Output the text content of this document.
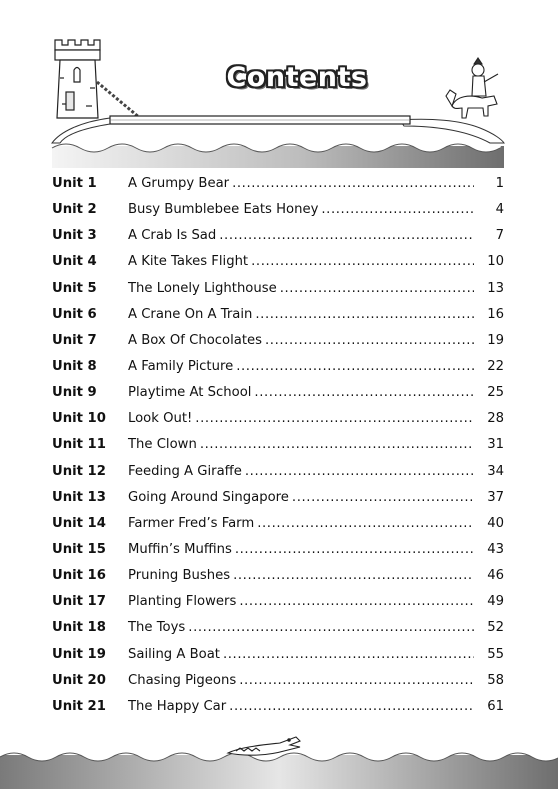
Contents
Unit 1	A Grumpy Bear .....	1
Unit 2	Busy Bumblebee Eats Honey .....	4
Unit 3	A Crab Is Sad .....	7
Unit 4	A Kite Takes Flight .....	10
Unit 5	The Lonely Lighthouse .....	13
Unit 6	A Crane On A Train .....	16
Unit 7	A Box Of Chocolates .....	19
Unit 8	A Family Picture .....	22
Unit 9	Playtime At School .....	25
Unit 10	Look Out! .....	28
Unit 11	The Clown .....	31
Unit 12	Feeding A Giraffe .....	34
Unit 13	Going Around Singapore .....	37
Unit 14	Farmer Fred’s Farm .....	40
Unit 15	Muffin’s Muffins .....	43
Unit 16	Pruning Bushes .....	46
Unit 17	Planting Flowers .....	49
Unit 18	The Toys .....	52
Unit 19	Sailing A Boat .....	55
Unit 20	Chasing Pigeons .....	58
Unit 21	The Happy Car .....	61
